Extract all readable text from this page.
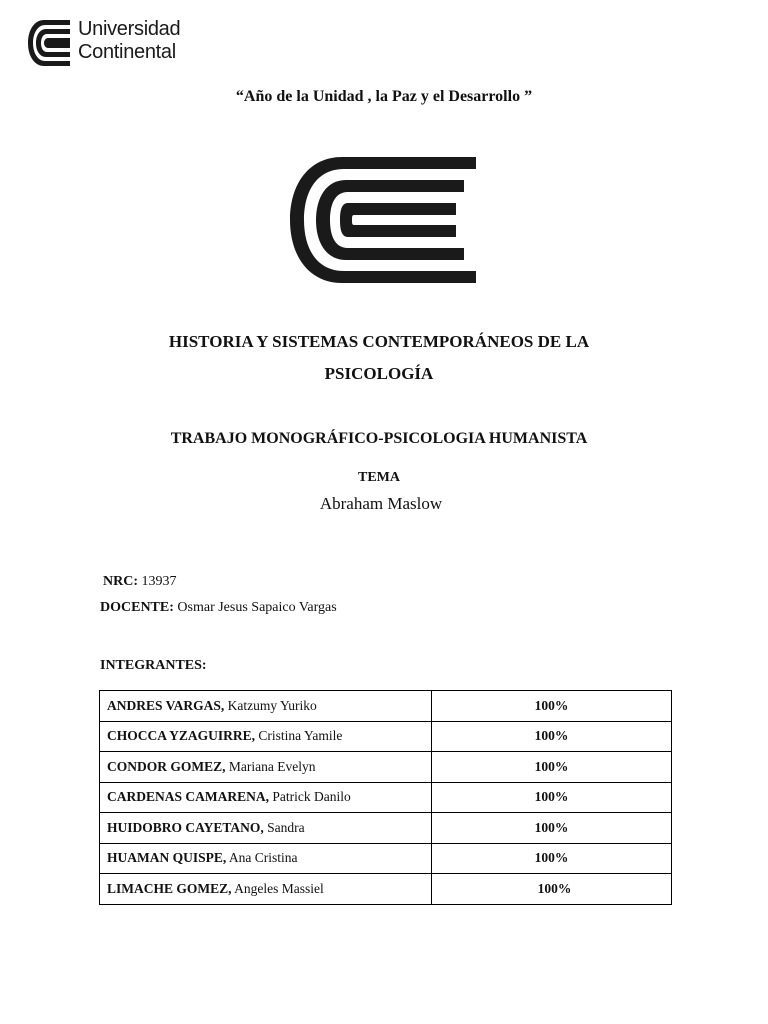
Universidad
Continental
“Año de la Unidad , la Paz y el Desarrollo ”
HISTORIA Y SISTEMAS CONTEMPORÁNEOS DE LA
PSICOLOGÍA
TRABAJO MONOGRÁFICO-PSICOLOGIA HUMANISTA
TEMA
Abraham Maslow
NRC: 13937
DOCENTE: Osmar Jesus Sapaico Vargas
INTEGRANTES:
ANDRES VARGAS, Katzumy Yuriko	100%
CHOCCA YZAGUIRRE, Cristina Yamile	100%
CONDOR GOMEZ, Mariana Evelyn	100%
CARDENAS CAMARENA, Patrick Danilo	100%
HUIDOBRO CAYETANO, Sandra	100%
HUAMAN QUISPE, Ana Cristina	100%
LIMACHE GOMEZ, Angeles Massiel	100%
